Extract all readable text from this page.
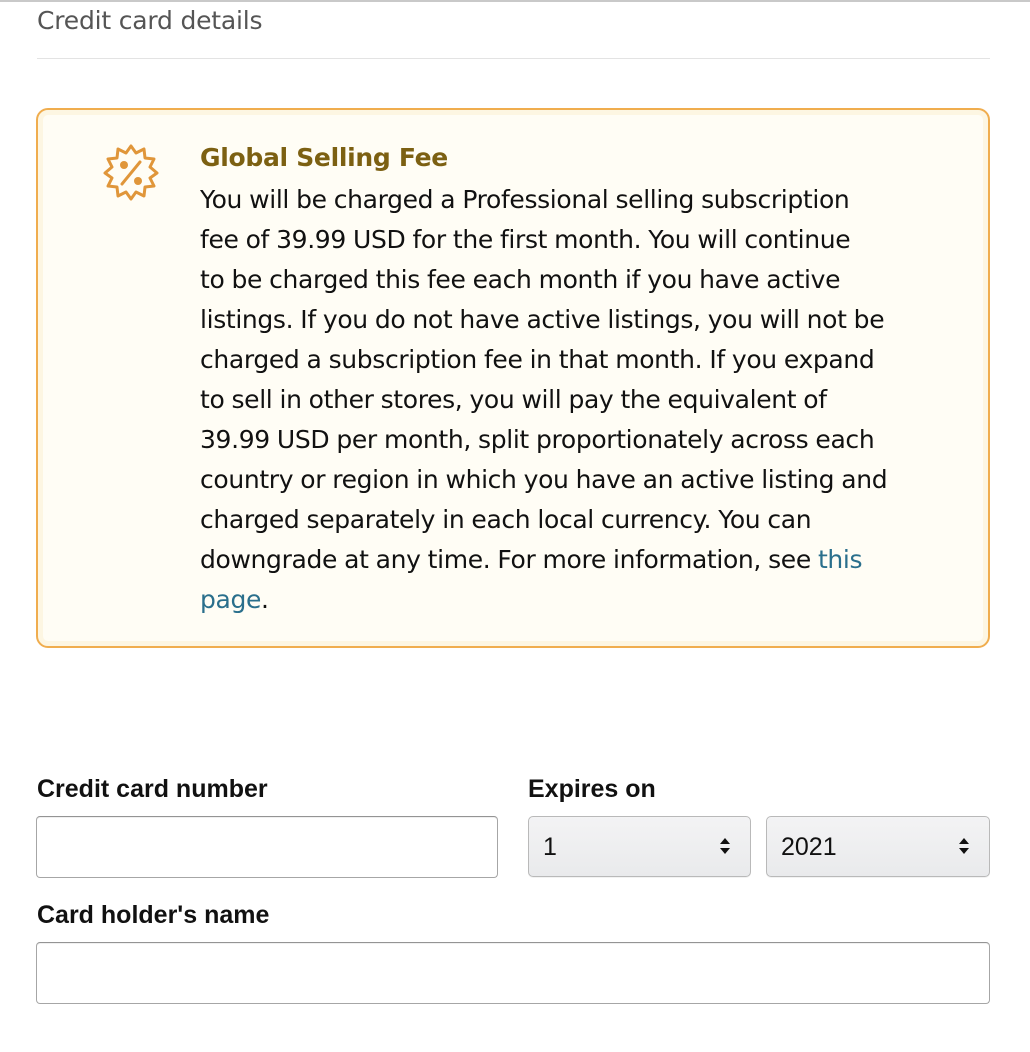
Credit card details
Global Selling Fee
You will be charged a Professional selling subscription
fee of 39.99 USD for the first month. You will continue
to be charged this fee each month if you have active
listings. If you do not have active listings, you will not be
charged a subscription fee in that month. If you expand
to sell in other stores, you will pay the equivalent of
39.99 USD per month, split proportionately across each
country or region in which you have an active listing and
charged separately in each local currency. You can
downgrade at any time. For more information, see this
page.
Credit card number	Expires on
1	2021
Card holder's name
